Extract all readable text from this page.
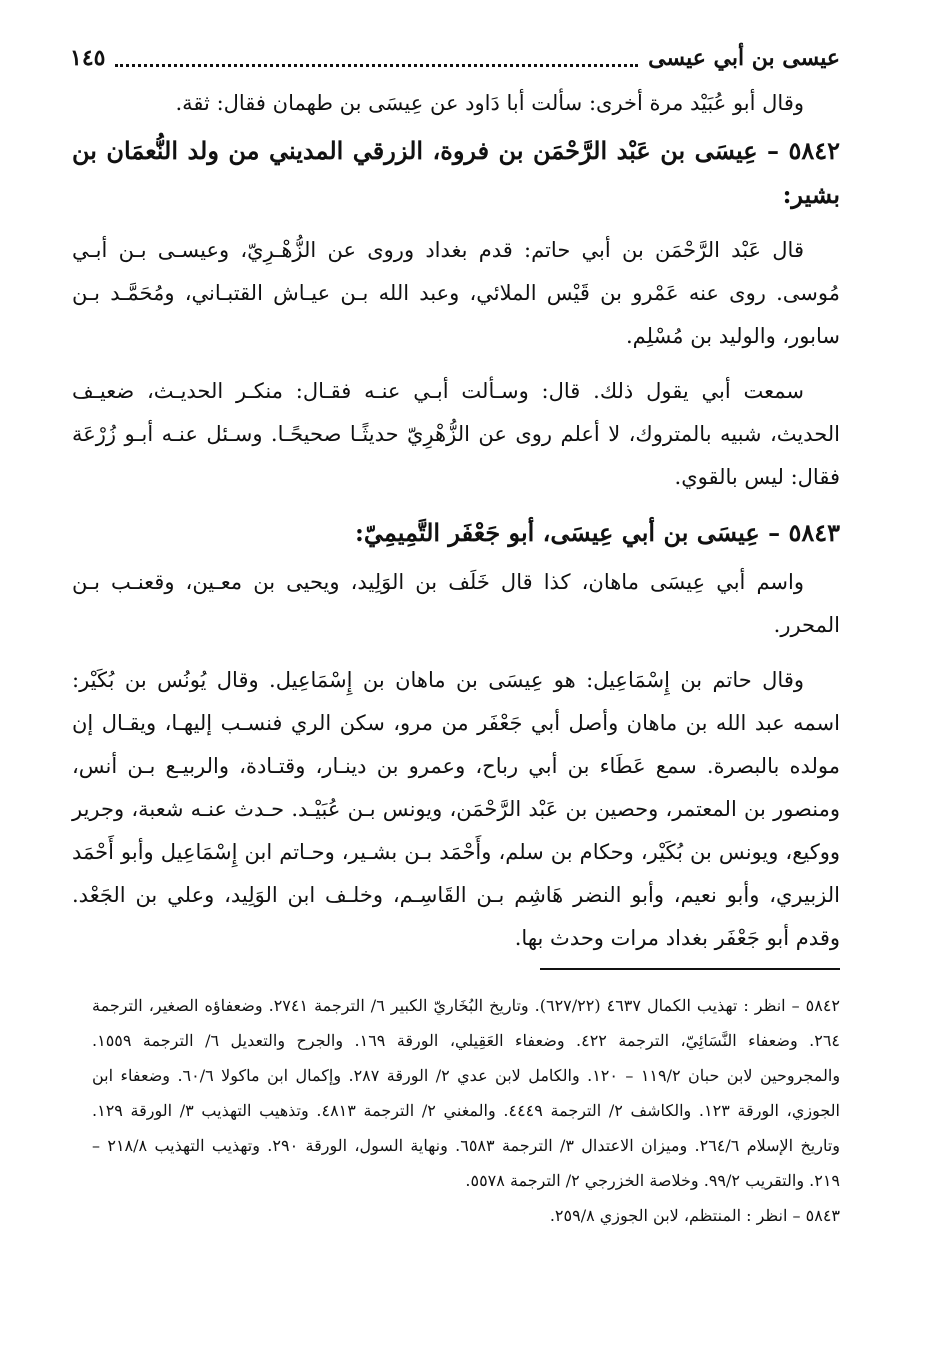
عيسى بن أبي عيسى
١٤٥

وقال أبو عُبَيْد مرة أخرى: سألت أبا دَاود عن عِيسَى بن طهمان فقال: ثقة.

٥٨٤٢ – عِيسَى بن عَبْد الرَّحْمَن بن فروة، الزرقي المديني من ولد النُّعمَان بن بشير:

قال عَبْد الرَّحْمَن بن أبي حاتم: قدم بغداد وروى عن الزُّهْـرِيّ، وعيسـى بـن أبـي مُوسى. روى عنه عَمْرو بن قَيْس الملائي، وعبد الله بـن عيـاش القتبـاني، ومُحَمَّـد بـن سابور، والوليد بن مُسْلِم.

سمعت أبي يقول ذلك. قال: وسـألت أبـي عنـه فقـال: منكـر الحديـث، ضعيـف الحديث، شبيه بالمتروك، لا أعلم روى عن الزُّهْرِيّ حديثًـا صحيحًـا. وسـئل عنـه أبـو زُرْعَة فقال: ليس بالقوي.

٥٨٤٣ – عِيسَى بن أبي عِيسَى، أبو جَعْفَر التَّمِيمِيّ:

واسم أبي عِيسَى ماهان، كذا قال خَلَف بن الوَلِيد، ويحيى بن معـين، وقعنـب بـن المحرر.

وقال حاتم بن إِسْمَاعِيل: هو عِيسَى بن ماهان بن إِسْمَاعِيل. وقال يُونُس بن بُكَيْر: اسمه عبد الله بن ماهان وأصل أبي جَعْفَر من مرو، سكن الري فنسـب إليهـا، ويقـال إن مولده بالبصرة. سمع عَطَاء بن أبي رباح، وعمرو بن دينـار، وقتـادة، والربيـع بـن أنس، ومنصور بن المعتمر، وحصين بن عَبْد الرَّحْمَن، ويونس بـن عُبَيْـد. حـدث عنـه شعبة، وجرير ووكيع، ويونس بن بُكَيْر، وحكام بن سلم، وأَحْمَد بـن بشـير، وحـاتم ابن إِسْمَاعِيل وأبو أَحْمَد الزبيري، وأبو نعيم، وأبو النضر هَاشِم بـن القَاسِـم، وخلـف ابن الوَلِيد، وعلي بن الجَعْد. وقدم أبو جَعْفَر بغداد مرات وحدث بها.

٥٨٤٢ – انظر : تهذيب الكمال ٤٦٣٧ (٦٢٧/٢٢). وتاريخ البُخَاريّ الكبير ٦/ الترجمة ٢٧٤١. وضعفاؤه الصغير، الترجمة ٢٦٤. وضعفاء النَّسَائِيّ، الترجمة ٤٢٢. وضعفاء العَقِيلي، الورقة ١٦٩. والجرح والتعديل ٦/ الترجمة ١٥٥٩. والمجروحين لابن حبان ١١٩/٢ – ١٢٠. والكامل لابن عدي ٢/ الورقة ٢٨٧. وإكمال ابن ماكولا ٦٠/٦. وضعفاء ابن الجوزي، الورقة ١٢٣. والكاشف ٢/ الترجمة ٤٤٤٩. والمغني ٢/ الترجمة ٤٨١٣. وتذهيب التهذيب ٣/ الورقة ١٢٩. وتاريخ الإسلام ٢٦٤/٦. وميزان الاعتدال ٣/ الترجمة ٦٥٨٣. ونهاية السول، الورقة ٢٩٠. وتهذيب التهذيب ٢١٨/٨ – ٢١٩. والتقريب ٩٩/٢. وخلاصة الخزرجي ٢/ الترجمة ٥٥٧٨.

٥٨٤٣ – انظر : المنتظم، لابن الجوزي ٢٥٩/٨.
